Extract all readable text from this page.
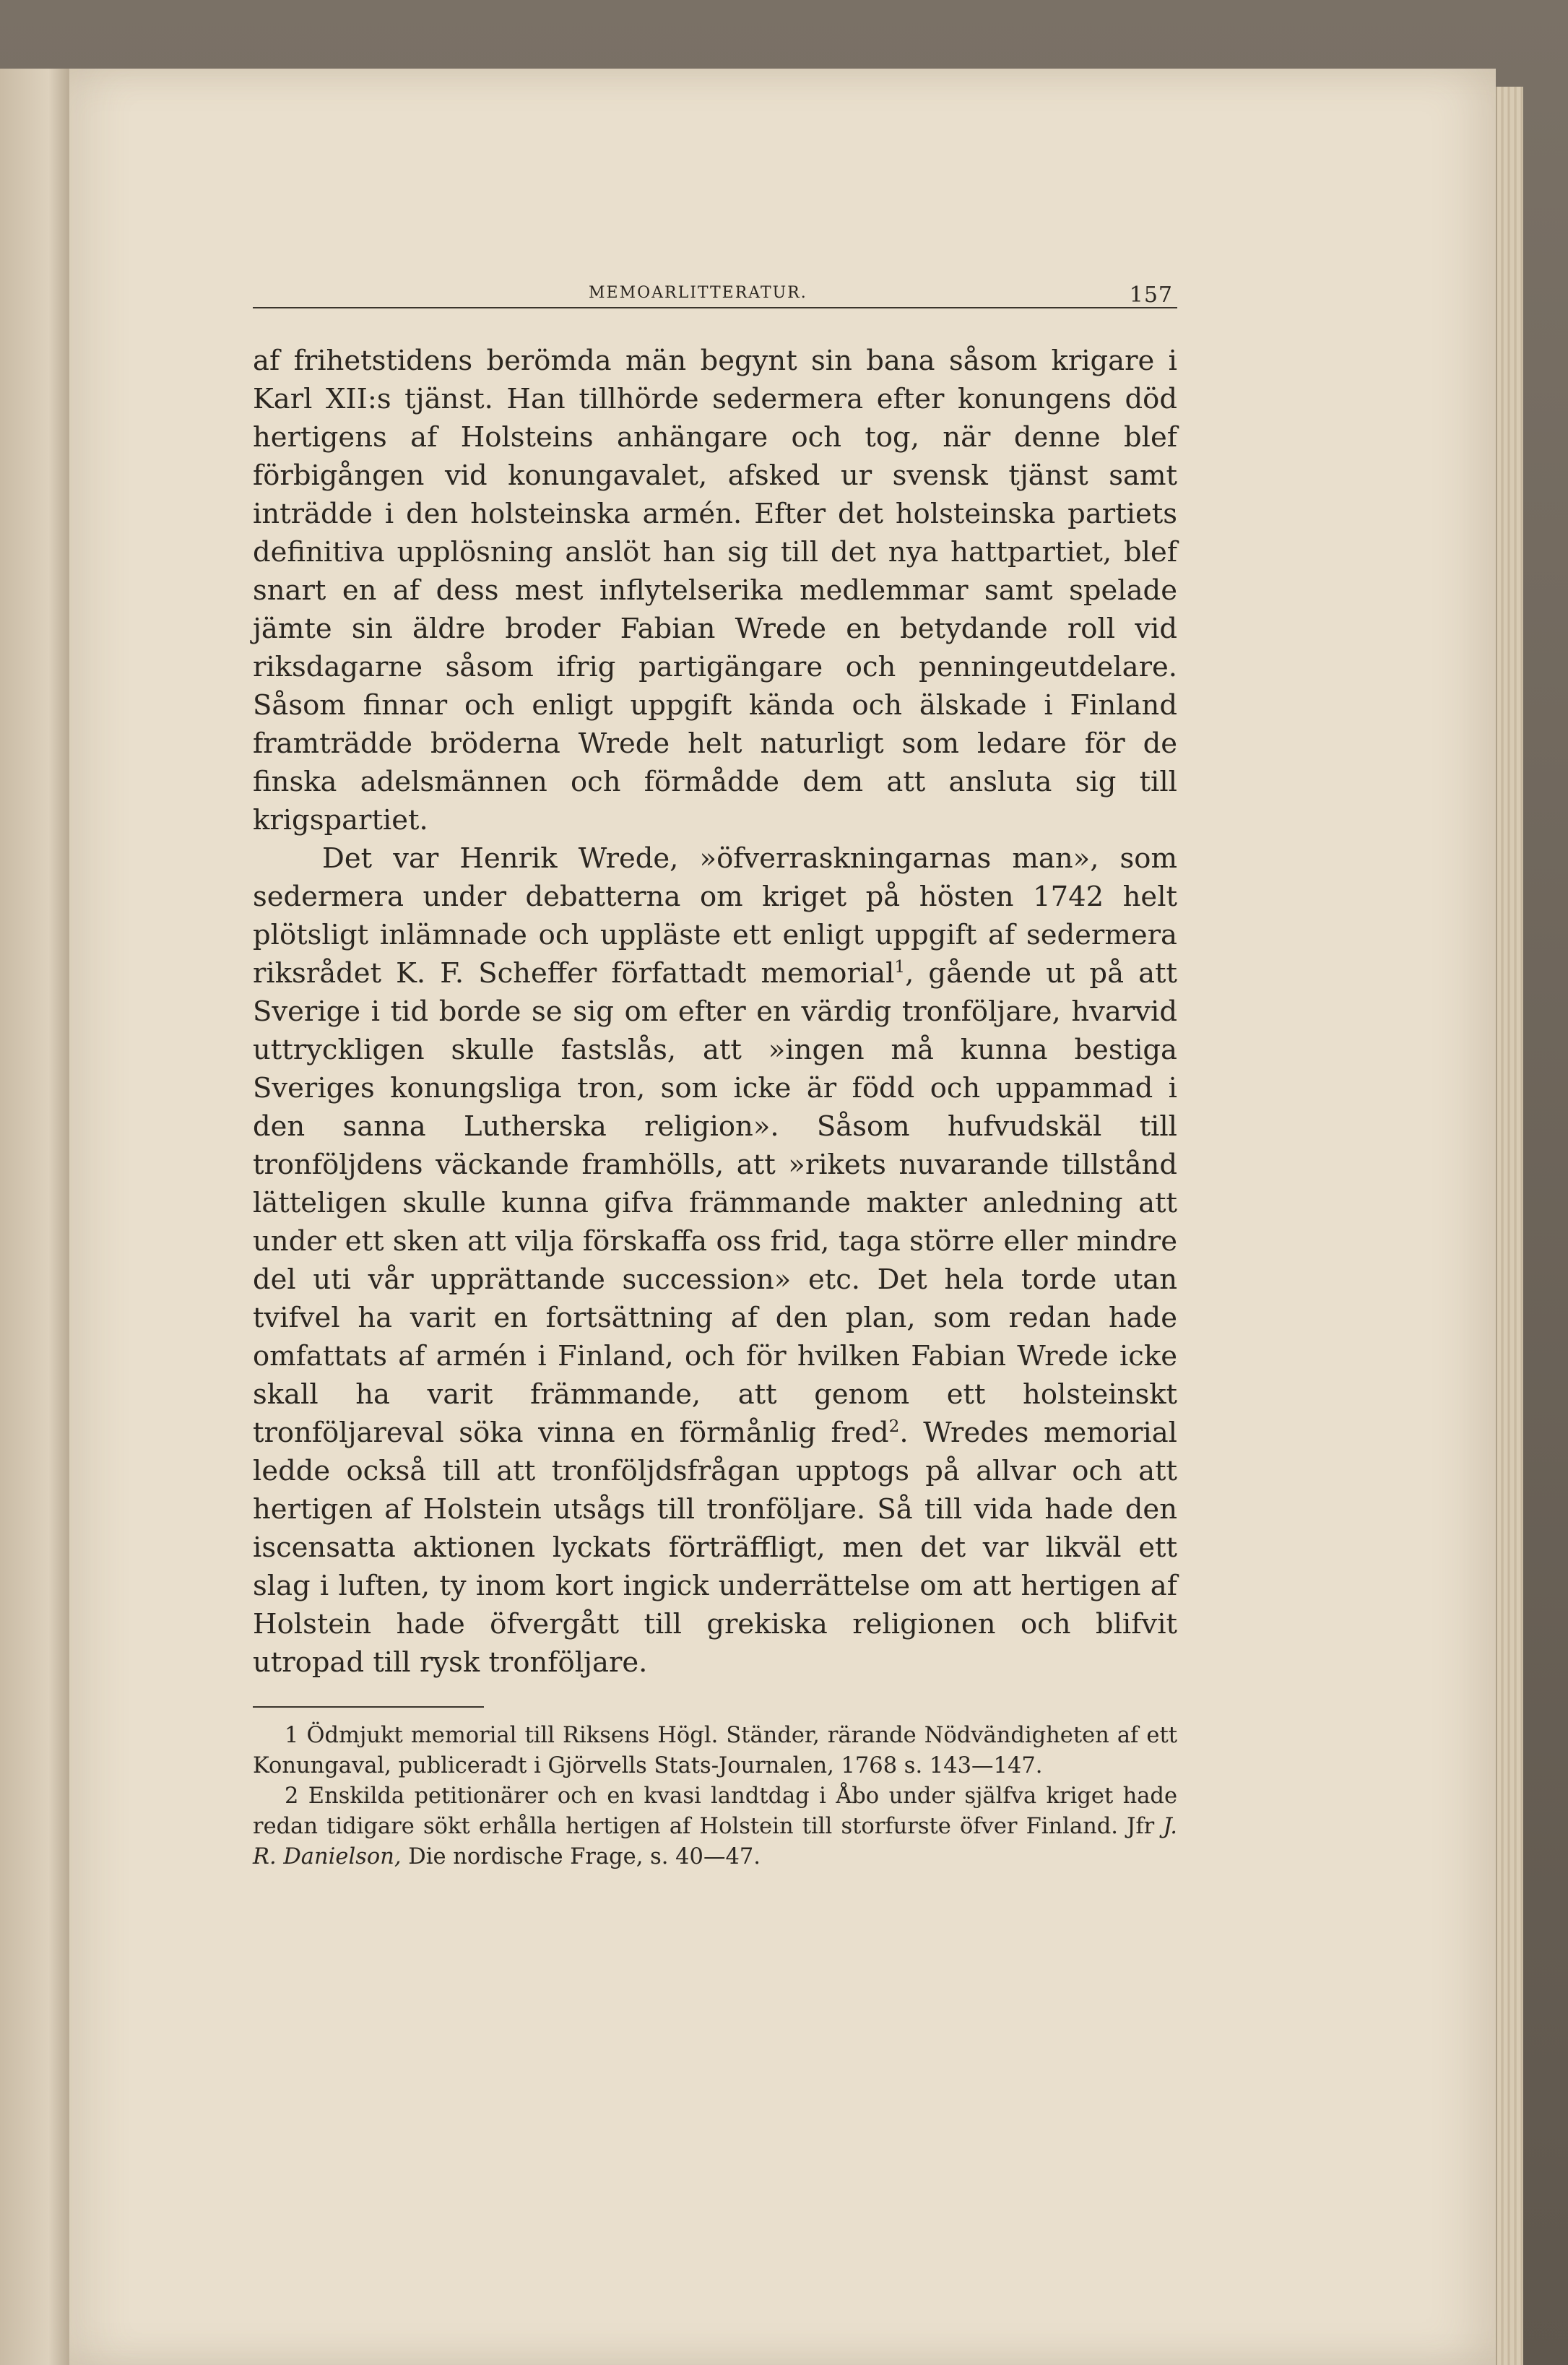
MEMOARLITTERATUR.	157

af frihetstidens berömda män begynt sin bana såsom krigare i Karl XII:s tjänst. Han tillhörde sedermera efter konungens död hertigens af Holsteins anhängare och tog, när denne blef förbigången vid konungavalet, afsked ur svensk tjänst samt inträdde i den holsteinska armén. Efter det holsteinska partiets definitiva upplösning anslöt han sig till det nya hattpartiet, blef snart en af dess mest inflytelserika medlemmar samt spelade jämte sin äldre broder Fabian Wrede en betydande roll vid riksdagarne såsom ifrig partigängare och penningeutdelare. Såsom finnar och enligt uppgift kända och älskade i Finland framträdde bröderna Wrede helt naturligt som ledare för de finska adelsmännen och förmådde dem att ansluta sig till krigspartiet.

Det var Henrik Wrede, »öfverraskningarnas man», som sedermera under debatterna om kriget på hösten 1742 helt plötsligt inlämnade och uppläste ett enligt uppgift af sedermera riksrådet K. F. Scheffer författadt memorial$^1$, gående ut på att Sverige i tid borde se sig om efter en värdig tronföljare, hvarvid uttryckligen skulle fastslås, att »ingen må kunna bestiga Sveriges konungsliga tron, som icke är född och uppammad i den sanna Lutherska religion». Såsom hufvudskäl till tronföljdens väckande framhölls, att »rikets nuvarande tillstånd lätteligen skulle kunna gifva främmande makter anledning att under ett sken att vilja förskaffa oss frid, taga större eller mindre del uti vår upprättande succession» etc. Det hela torde utan tvifvel ha varit en fortsättning af den plan, som redan hade omfattats af armén i Finland, och för hvilken Fabian Wrede icke skall ha varit främmande, att genom ett holsteinskt tronföljareval söka vinna en förmånlig fred$^2$. Wredes memorial ledde också till att tronföljdsfrågan upptogs på allvar och att hertigen af Holstein utsågs till tronföljare. Så till vida hade den iscensatta aktionen lyckats förträffligt, men det var likväl ett slag i luften, ty inom kort ingick underrättelse om att hertigen af Holstein hade öfvergått till grekiska religionen och blifvit utropad till rysk tronföljare.

1 Ödmjukt memorial till Riksens Högl. Ständer, rärande Nödvändigheten af ett Konungaval, publiceradt i Gjörvells Stats-Journalen, 1768 s. 143—147.

2 Enskilda petitionärer och en kvasi landtdag i Åbo under själfva kriget hade redan tidigare sökt erhålla hertigen af Holstein till storfurste öfver Finland. Jfr J. R. Danielson, Die nordische Frage, s. 40—47.
